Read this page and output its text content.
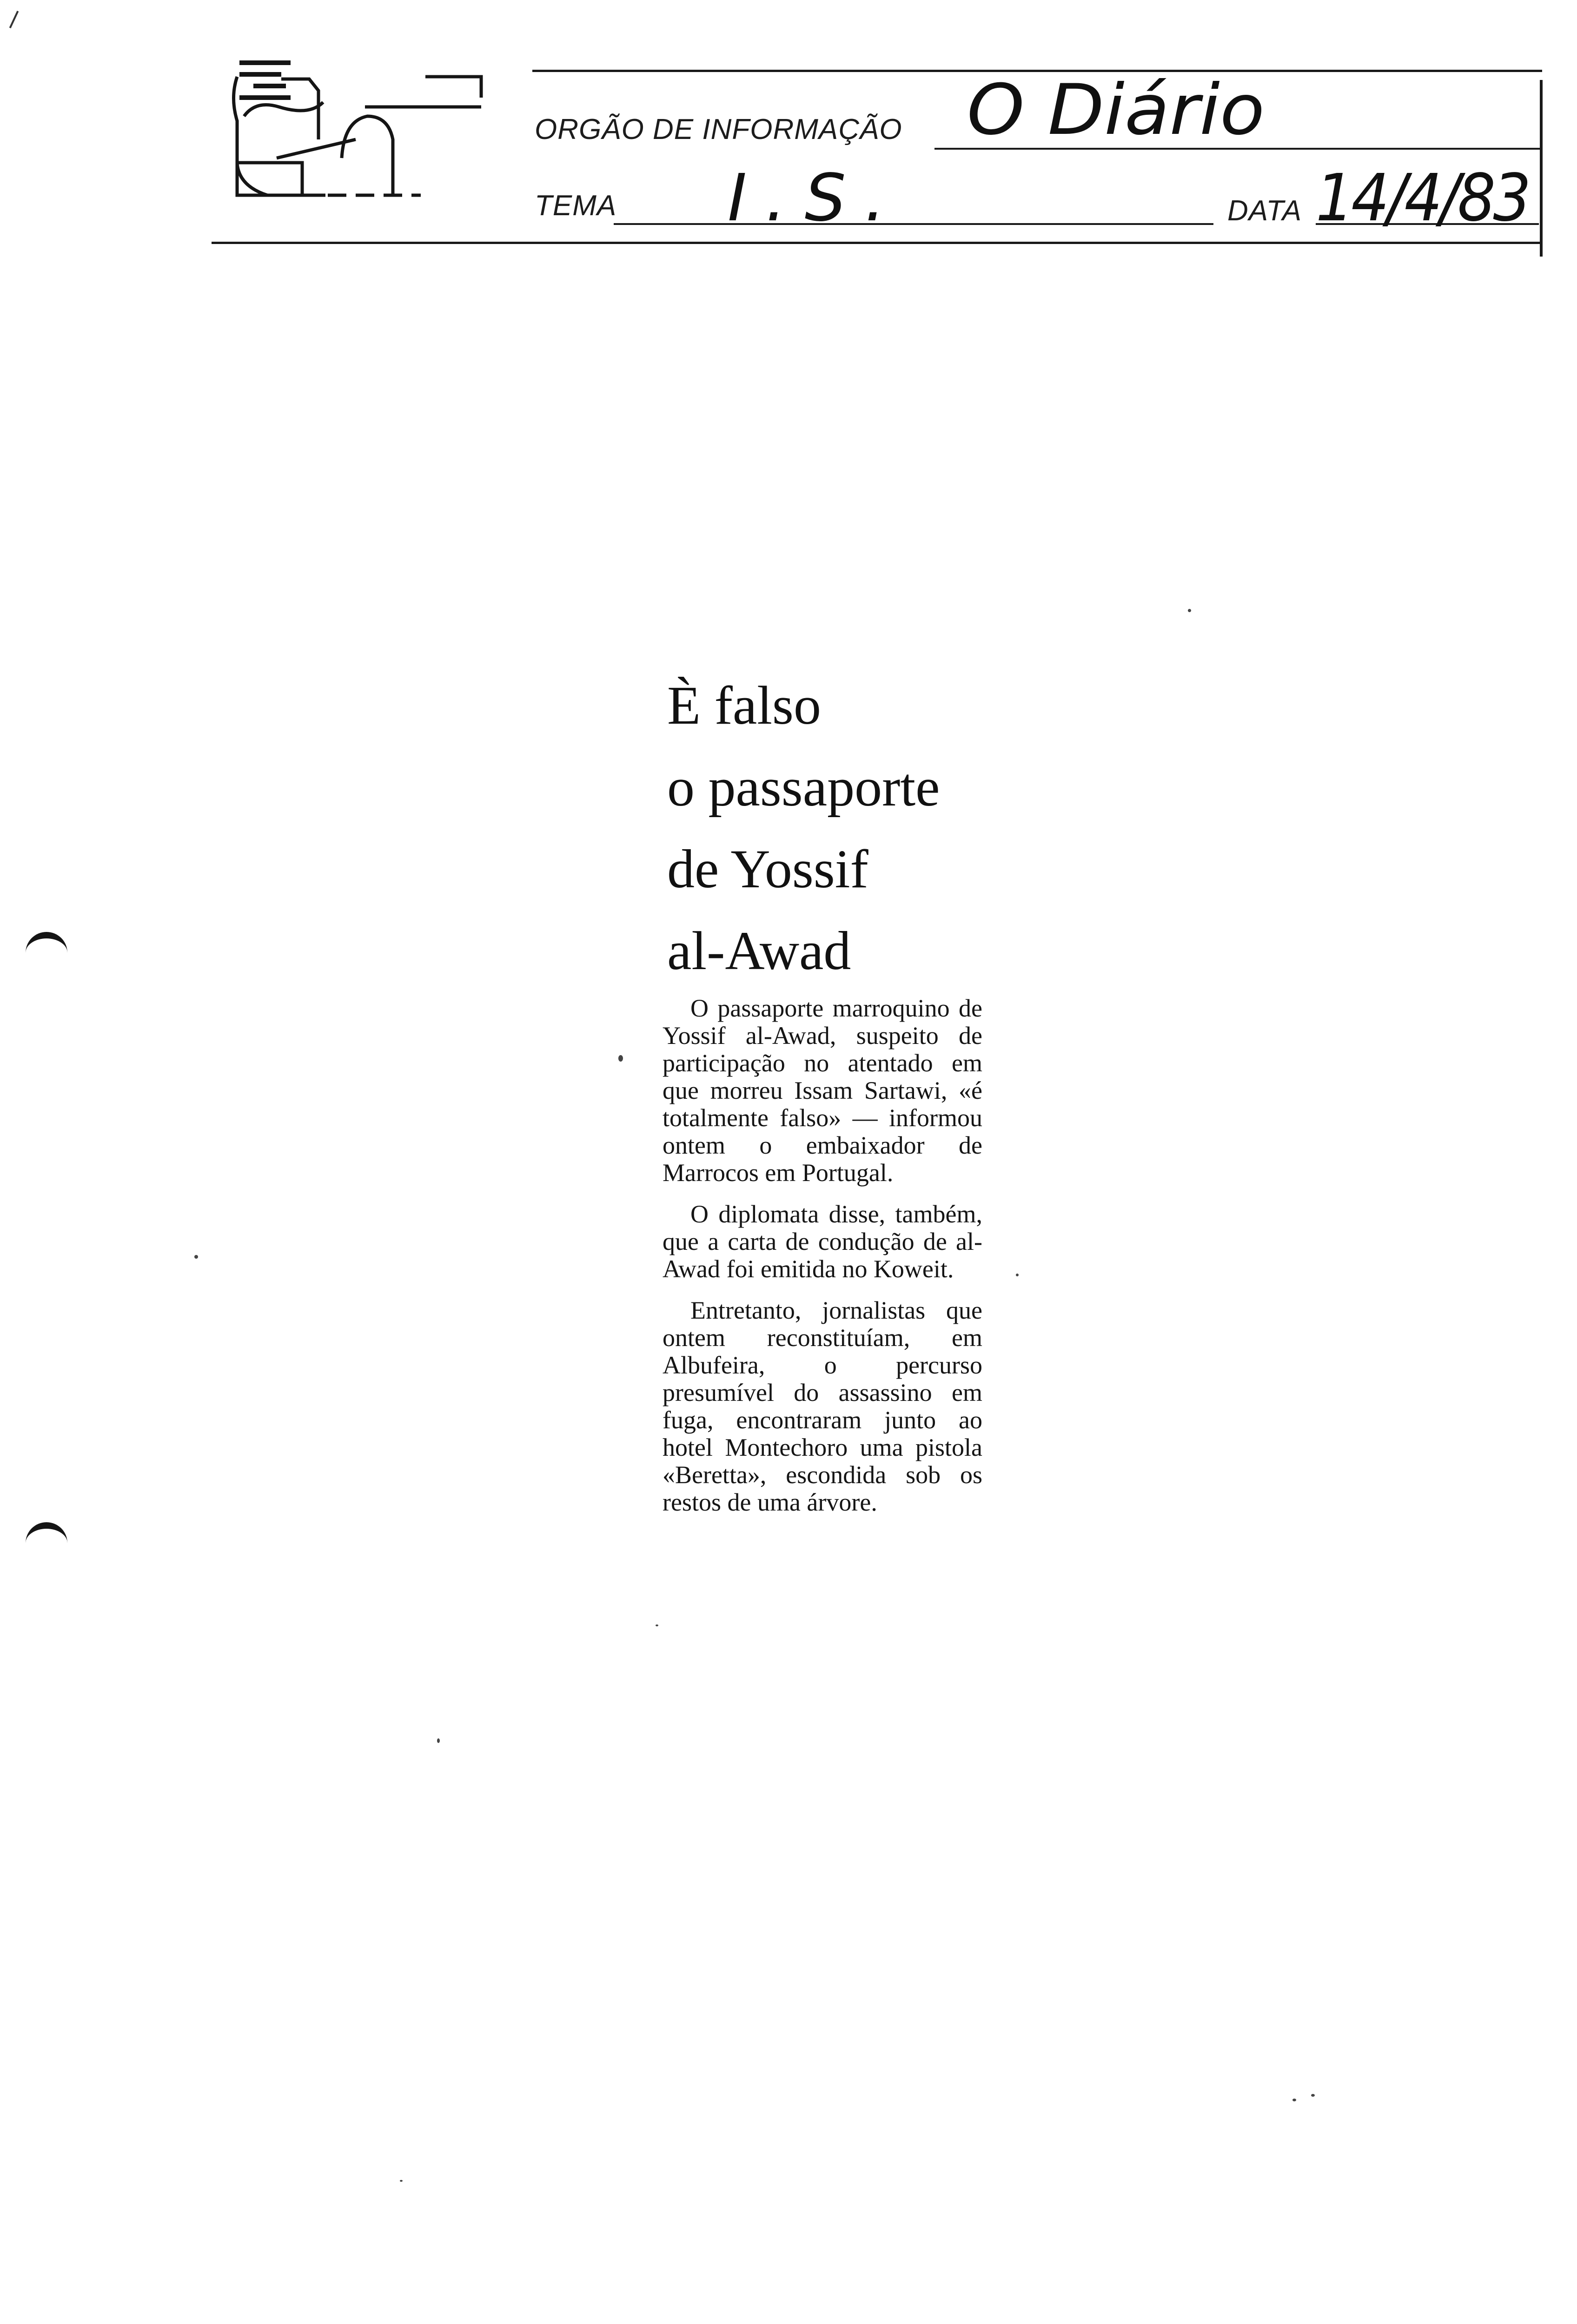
ORGÃO DE INFORMAÇÃO O Diário
TEMA I.S.	DATA 14/4/83
È falso
o passaporte
de Yossif
al-Awad

O passaporte marroquino de Yossif al-Awad, suspeito de participação no atentado em que morreu Issam Sartawi, «é totalmente falso» — informou ontem o embaixador de Marrocos em Portugal.

O diplomata disse, também, que a carta de condução de al-Awad foi emitida no Koweit.

Entretanto, jornalistas que ontem reconstituíam, em Albufeira, o percurso presumível do assassino em fuga, encontraram junto ao hotel Montechoro uma pistola «Beretta», escondida sob os restos de uma árvore.
